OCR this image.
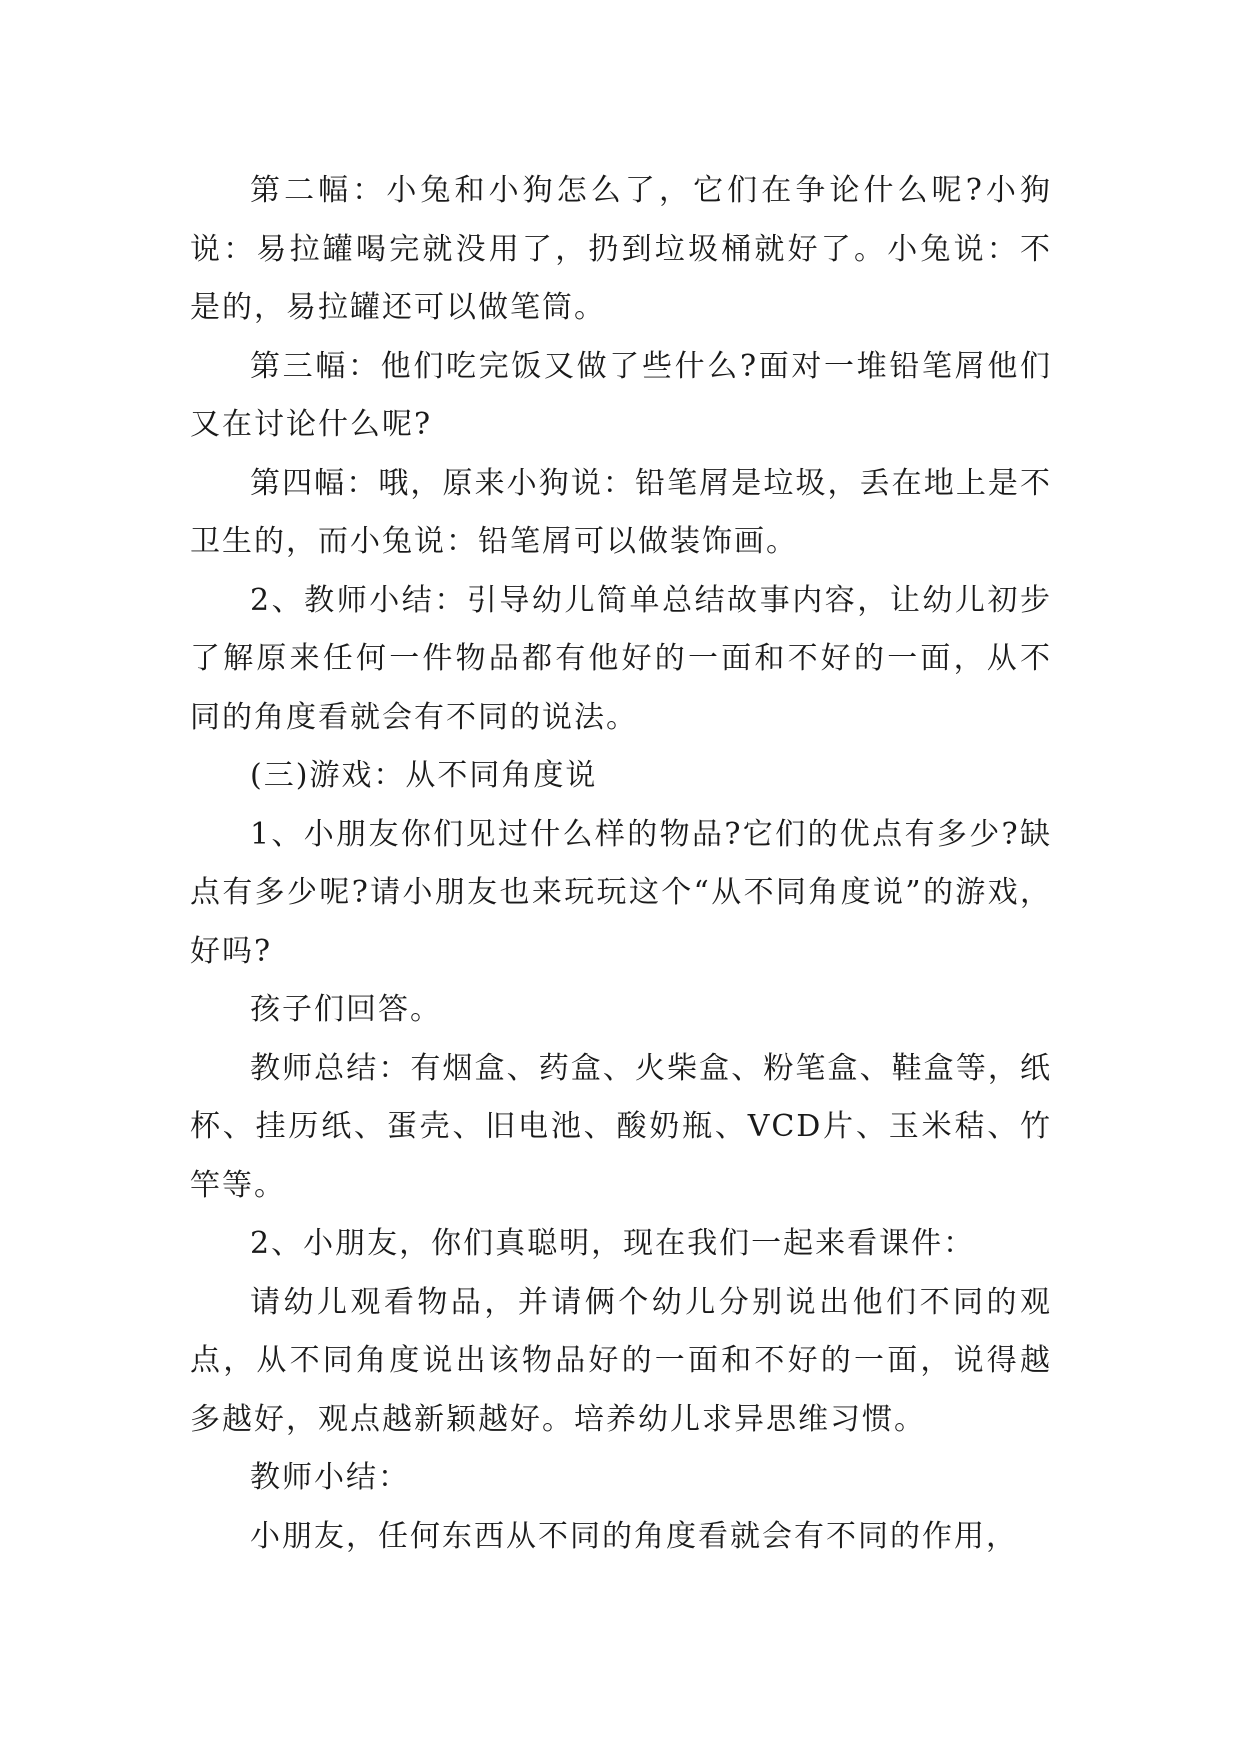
第二幅：小兔和小狗怎么了，它们在争论什么呢?小狗说：易拉罐喝完就没用了，扔到垃圾桶就好了。小兔说：不是的，易拉罐还可以做笔筒。

第三幅：他们吃完饭又做了些什么?面对一堆铅笔屑他们又在讨论什么呢?

第四幅：哦，原来小狗说：铅笔屑是垃圾，丢在地上是不卫生的，而小兔说：铅笔屑可以做装饰画。

2、教师小结：引导幼儿简单总结故事内容，让幼儿初步了解原来任何一件物品都有他好的一面和不好的一面，从不同的角度看就会有不同的说法。

(三)游戏：从不同角度说

1、小朋友你们见过什么样的物品?它们的优点有多少?缺点有多少呢?请小朋友也来玩玩这个“从不同角度说”的游戏，好吗?

孩子们回答。

教师总结：有烟盒、药盒、火柴盒、粉笔盒、鞋盒等，纸杯、挂历纸、蛋壳、旧电池、酸奶瓶、VCD片、玉米秸、竹竿等。

2、小朋友，你们真聪明，现在我们一起来看课件：

请幼儿观看物品，并请俩个幼儿分别说出他们不同的观点，从不同角度说出该物品好的一面和不好的一面，说得越多越好，观点越新颖越好。培养幼儿求异思维习惯。

教师小结：

小朋友，任何东西从不同的角度看就会有不同的作用，
